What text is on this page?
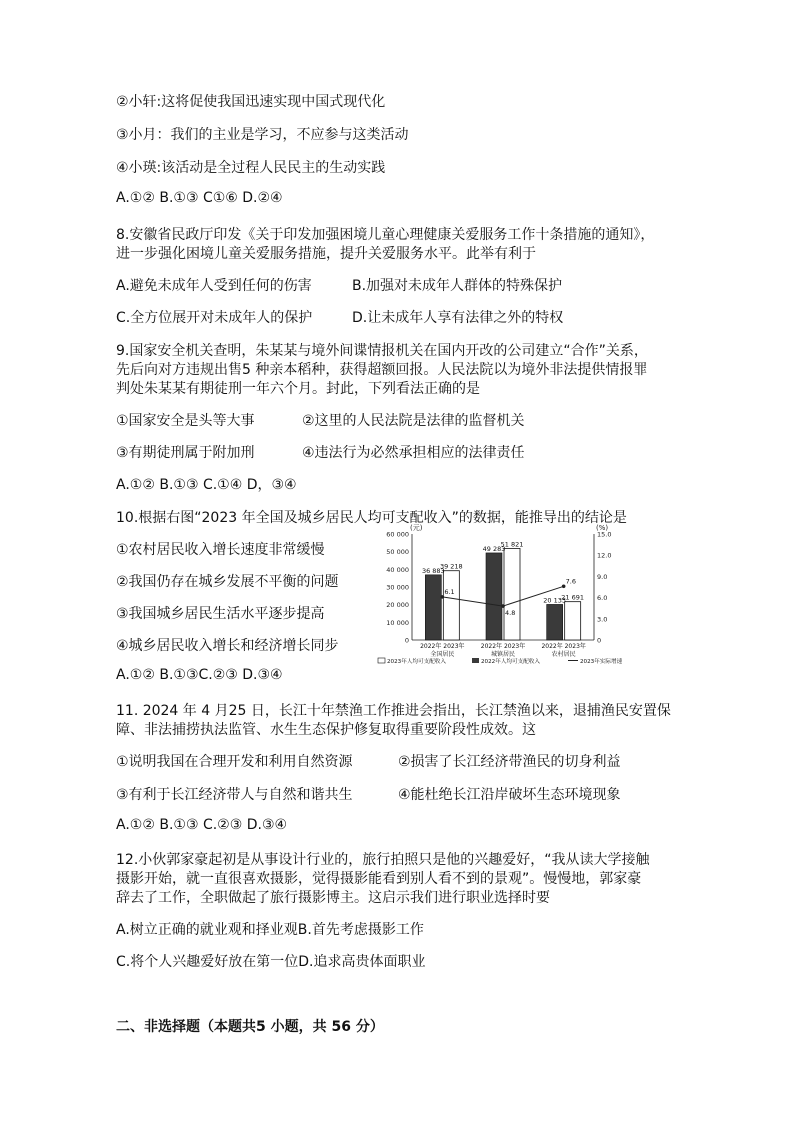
②小轩:这将促使我国迅速实现中国式现代化
③小月：我们的主业是学习，不应参与这类活动
④小瑛:该活动是全过程人民民主的生动实践
A.①② B.①③ C①⑥ D.②④
8.安徽省民政厅印发《关于印发加强困境儿童心理健康关爱服务工作十条措施的通知》，
进一步强化困境儿童关爱服务措施，提升关爱服务水平。此举有利于
A.避免未成年人受到任何的伤害	B.加强对未成年人群体的特殊保护
C.全方位展开对未成年人的保护	D.让未成年人享有法律之外的特权
9.国家安全机关查明，朱某某与境外间谍情报机关在国内开改的公司建立“合作”关系，
先后向对方违规出售5 种亲本稻种，获得超额回报。人民法院以为境外非法提供情报罪
判处朱某某有期徒刑一年六个月。封此，下列看法正确的是
①国家安全是头等大事	②这里的人民法院是法律的监督机关
③有期徒刑属于附加刑	④违法行为必然承担相应的法律责任
A.①② B.①③ C.①④ D，③④
10.根据右图“2023 年全国及城乡居民人均可支配收入”的数据，能推导出的结论是
①农村居民收入增长速度非常缓慢
②我国仍存在城乡发展不平衡的问题
③我国城乡居民生活水平逐步提高
④城乡居民收入增长和经济增长同步
A.①② B.①③C.②③ D.③④
(元)	(%)
60 000
50 000
40 000
30 000
20 000
10 000
0
15.0
12.0
9.0
6.0
3.0
0
36 883
39 218
49 283
51 821
20 133
21 691
6.1
4.8
7.6
2022年 2023年
全国居民
2022年 2023年
城镇居民
2022年 2023年
农村居民
2023年人均可支配收入	2022年人均可支配收入	2023年实际增速
11. 2024 年 4 月25 日，长江十年禁渔工作推进会指出，长江禁渔以来，退捕渔民安置保
障、非法捕捞执法监管、水生生态保护修复取得重要阶段性成效。这
①说明我国在合理开发和利用自然资源	②损害了长江经济带渔民的切身利益
③有利于长江经济带人与自然和谐共生	④能杜绝长江沿岸破坏生态环境现象
A.①② B.①③ C.②③ D.③④
12.小伙郭家豪起初是从事设计行业的，旅行拍照只是他的兴趣爱好，“我从读大学接触
摄影开始，就一直很喜欢摄影，觉得摄影能看到别人看不到的景观”。慢慢地，郭家豪
辞去了工作，全职做起了旅行摄影博主。这启示我们进行职业选择时要
A.树立正确的就业观和择业观B.首先考虑摄影工作
C.将个人兴趣爱好放在第一位D.追求高贵体面职业
二、非选择题（本题共5 小题，共 56 分）
